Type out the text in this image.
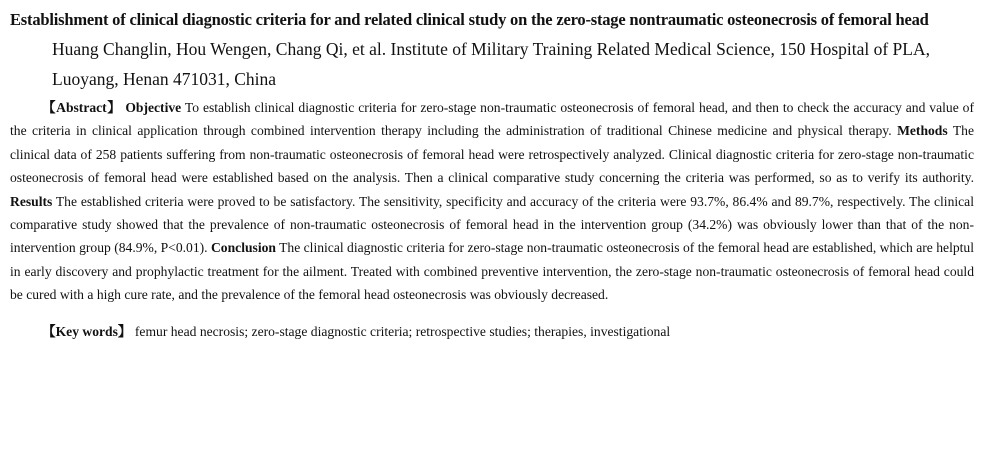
Establishment of clinical diagnostic criteria for and related clinical study on the zero-stage nontraumatic osteonecrosis of femoral head

Huang Changlin, Hou Wengen, Chang Qi, et al. Institute of Military Training Related Medical Science, 150 Hospital of PLA, Luoyang, Henan 471031, China

【Abstract】 Objective To establish clinical diagnostic criteria for zero-stage non-traumatic osteonecrosis of femoral head, and then to check the accuracy and value of the criteria in clinical application through combined intervention therapy including the administration of traditional Chinese medicine and physical therapy. Methods The clinical data of 258 patients suffering from non-traumatic osteonecrosis of femoral head were retrospectively analyzed. Clinical diagnostic criteria for zero-stage non-traumatic osteonecrosis of femoral head were established based on the analysis. Then a clinical comparative study concerning the criteria was performed, so as to verify its authority. Results The established criteria were proved to be satisfactory. The sensitivity, specificity and accuracy of the criteria were 93.7%, 86.4% and 89.7%, respectively. The clinical comparative study showed that the prevalence of non-traumatic osteonecrosis of femoral head in the intervention group (34.2%) was obviously lower than that of the non-intervention group (84.9%, P<0.01). Conclusion The clinical diagnostic criteria for zero-stage non-traumatic osteonecrosis of the femoral head are established, which are helptul in early discovery and prophylactic treatment for the ailment. Treated with combined preventive intervention, the zero-stage non-traumatic osteonecrosis of femoral head could be cured with a high cure rate, and the prevalence of the femoral head osteonecrosis was obviously decreased.

【Key words】 femur head necrosis; zero-stage diagnostic criteria; retrospective studies; therapies, investigational
